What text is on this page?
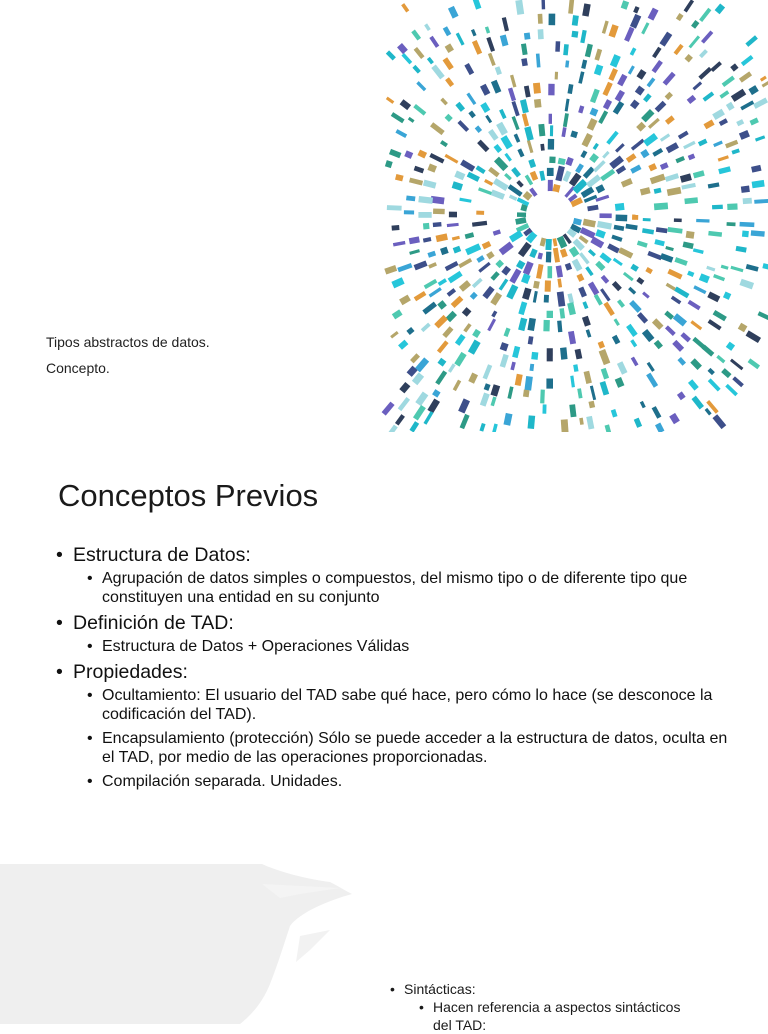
Tipos abstractos de datos.
Concepto.
Conceptos Previos
• Estructura de Datos:
• Agrupación de datos simples o compuestos, del mismo tipo o de diferente tipo que constituyen una entidad en su conjunto
• Definición de TAD:
• Estructura de Datos + Operaciones Válidas
• Propiedades:
• Ocultamiento: El usuario del TAD sabe qué hace, pero cómo lo hace (se desconoce la codificación del TAD).
• Encapsulamiento (protección) Sólo se puede acceder a la estructura de datos, oculta en el TAD, por medio de las operaciones proporcionadas.
• Compilación separada. Unidades.
• Sintácticas:
• Hacen referencia a aspectos sintácticos del TAD:
